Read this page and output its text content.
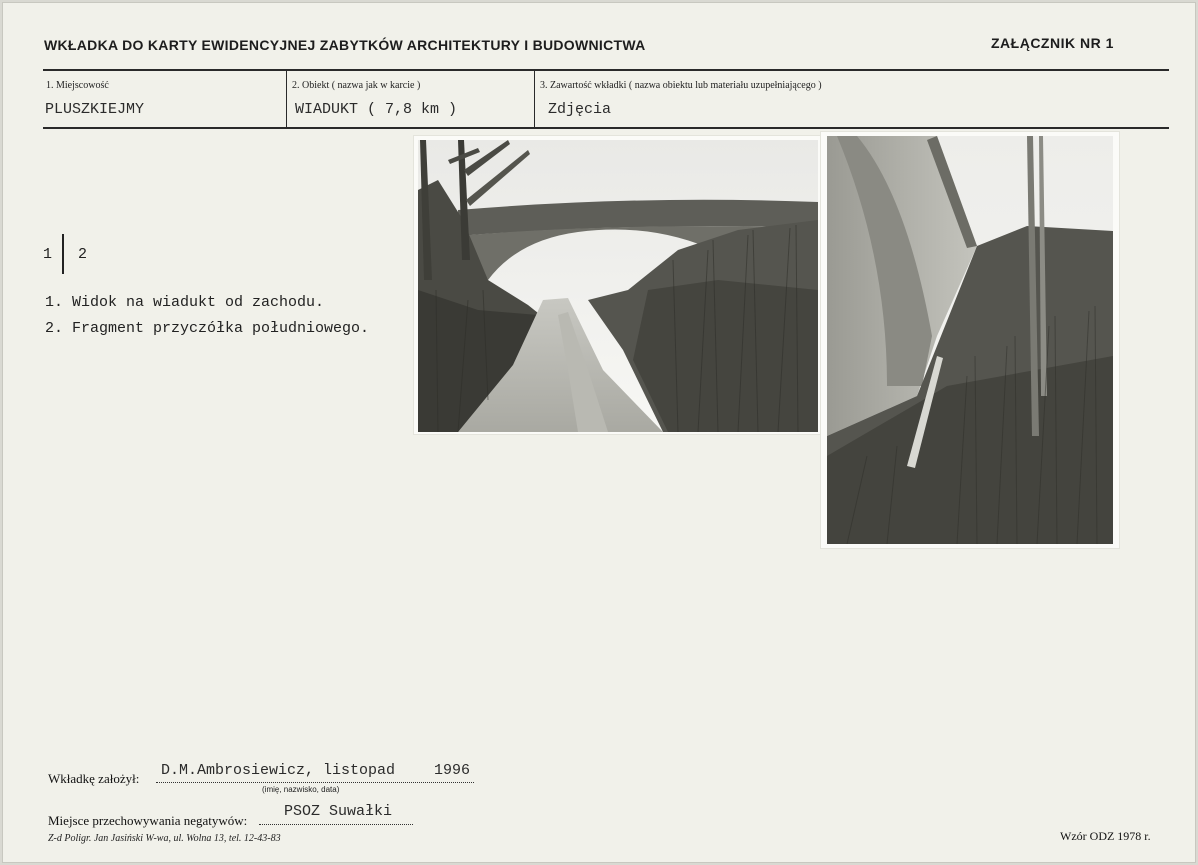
WKŁADKA DO KARTY EWIDENCYJNEJ ZABYTKÓW ARCHITEKTURY I BUDOWNICTWA	ZAŁĄCZNIK NR 1
1. Miejscowość
PLUSZKIEJMY
2. Obiekt ( nazwa jak w karcie )
WIADUKT ( 7,8 km )
3. Zawartość wkładki ( nazwa obiektu lub materiału uzupełniającego )
Zdjęcia
1 2
1. Widok na wiadukt od zachodu.
2. Fragment przyczółka południowego.
Wkładkę założył: D.M.Ambrosiewicz, listopad	1996
(imię, nazwisko, data)
Miejsce przechowywania negatywów:
PSOZ Suwałki
Z-d Poligr. Jan Jasiński W-wa, ul. Wolna 13, tel. 12-43-83	Wzór ODZ 1978 r.
